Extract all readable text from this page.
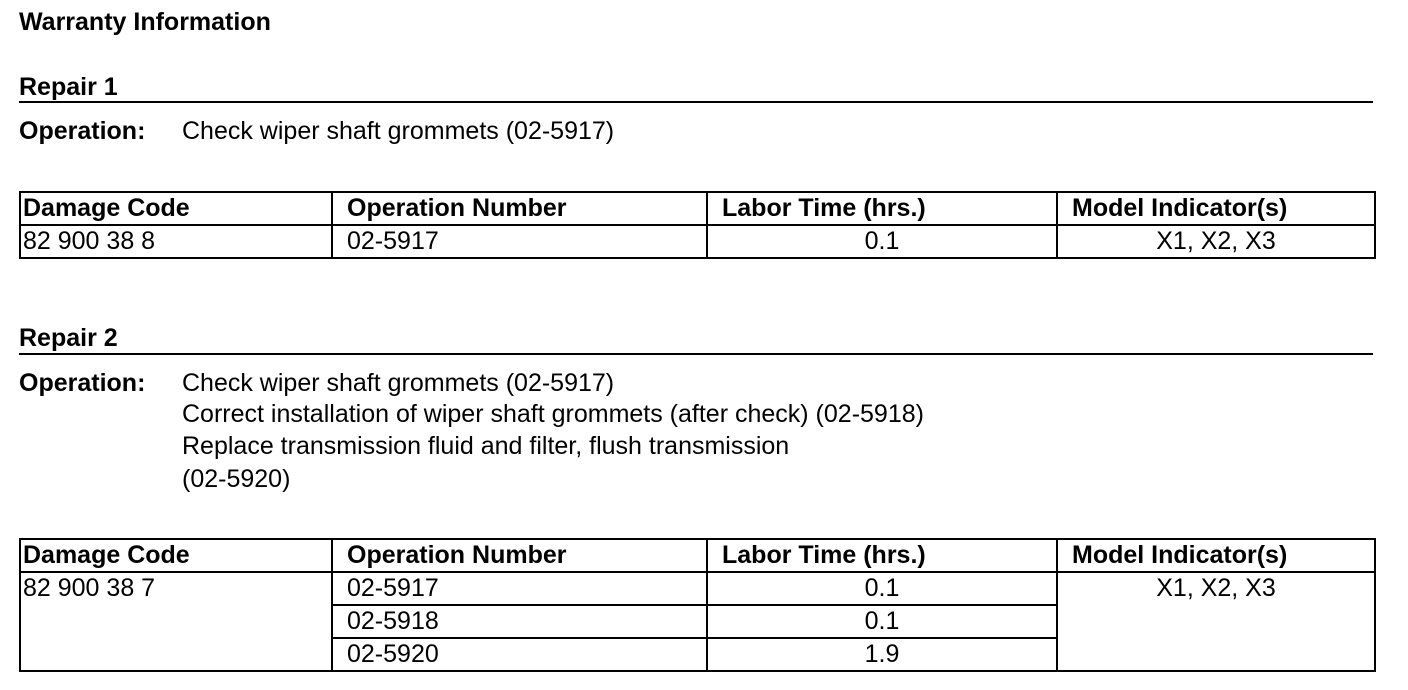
Warranty Information
Repair 1
Operation: Check wiper shaft grommets (02-5917)
Damage Code	Operation Number	Labor Time (hrs.)	Model Indicator(s)
82 900 38 8	02-5917	0.1	X1, X2, X3
Repair 2
Operation: Check wiper shaft grommets (02-5917)
Correct installation of wiper shaft grommets (after check) (02-5918)
Replace transmission fluid and filter, flush transmission
(02-5920)
Damage Code	Operation Number	Labor Time (hrs.)	Model Indicator(s)
82 900 38 7	02-5917	0.1	X1, X2, X3
	02-5918	0.1	
	02-5920	1.9	
